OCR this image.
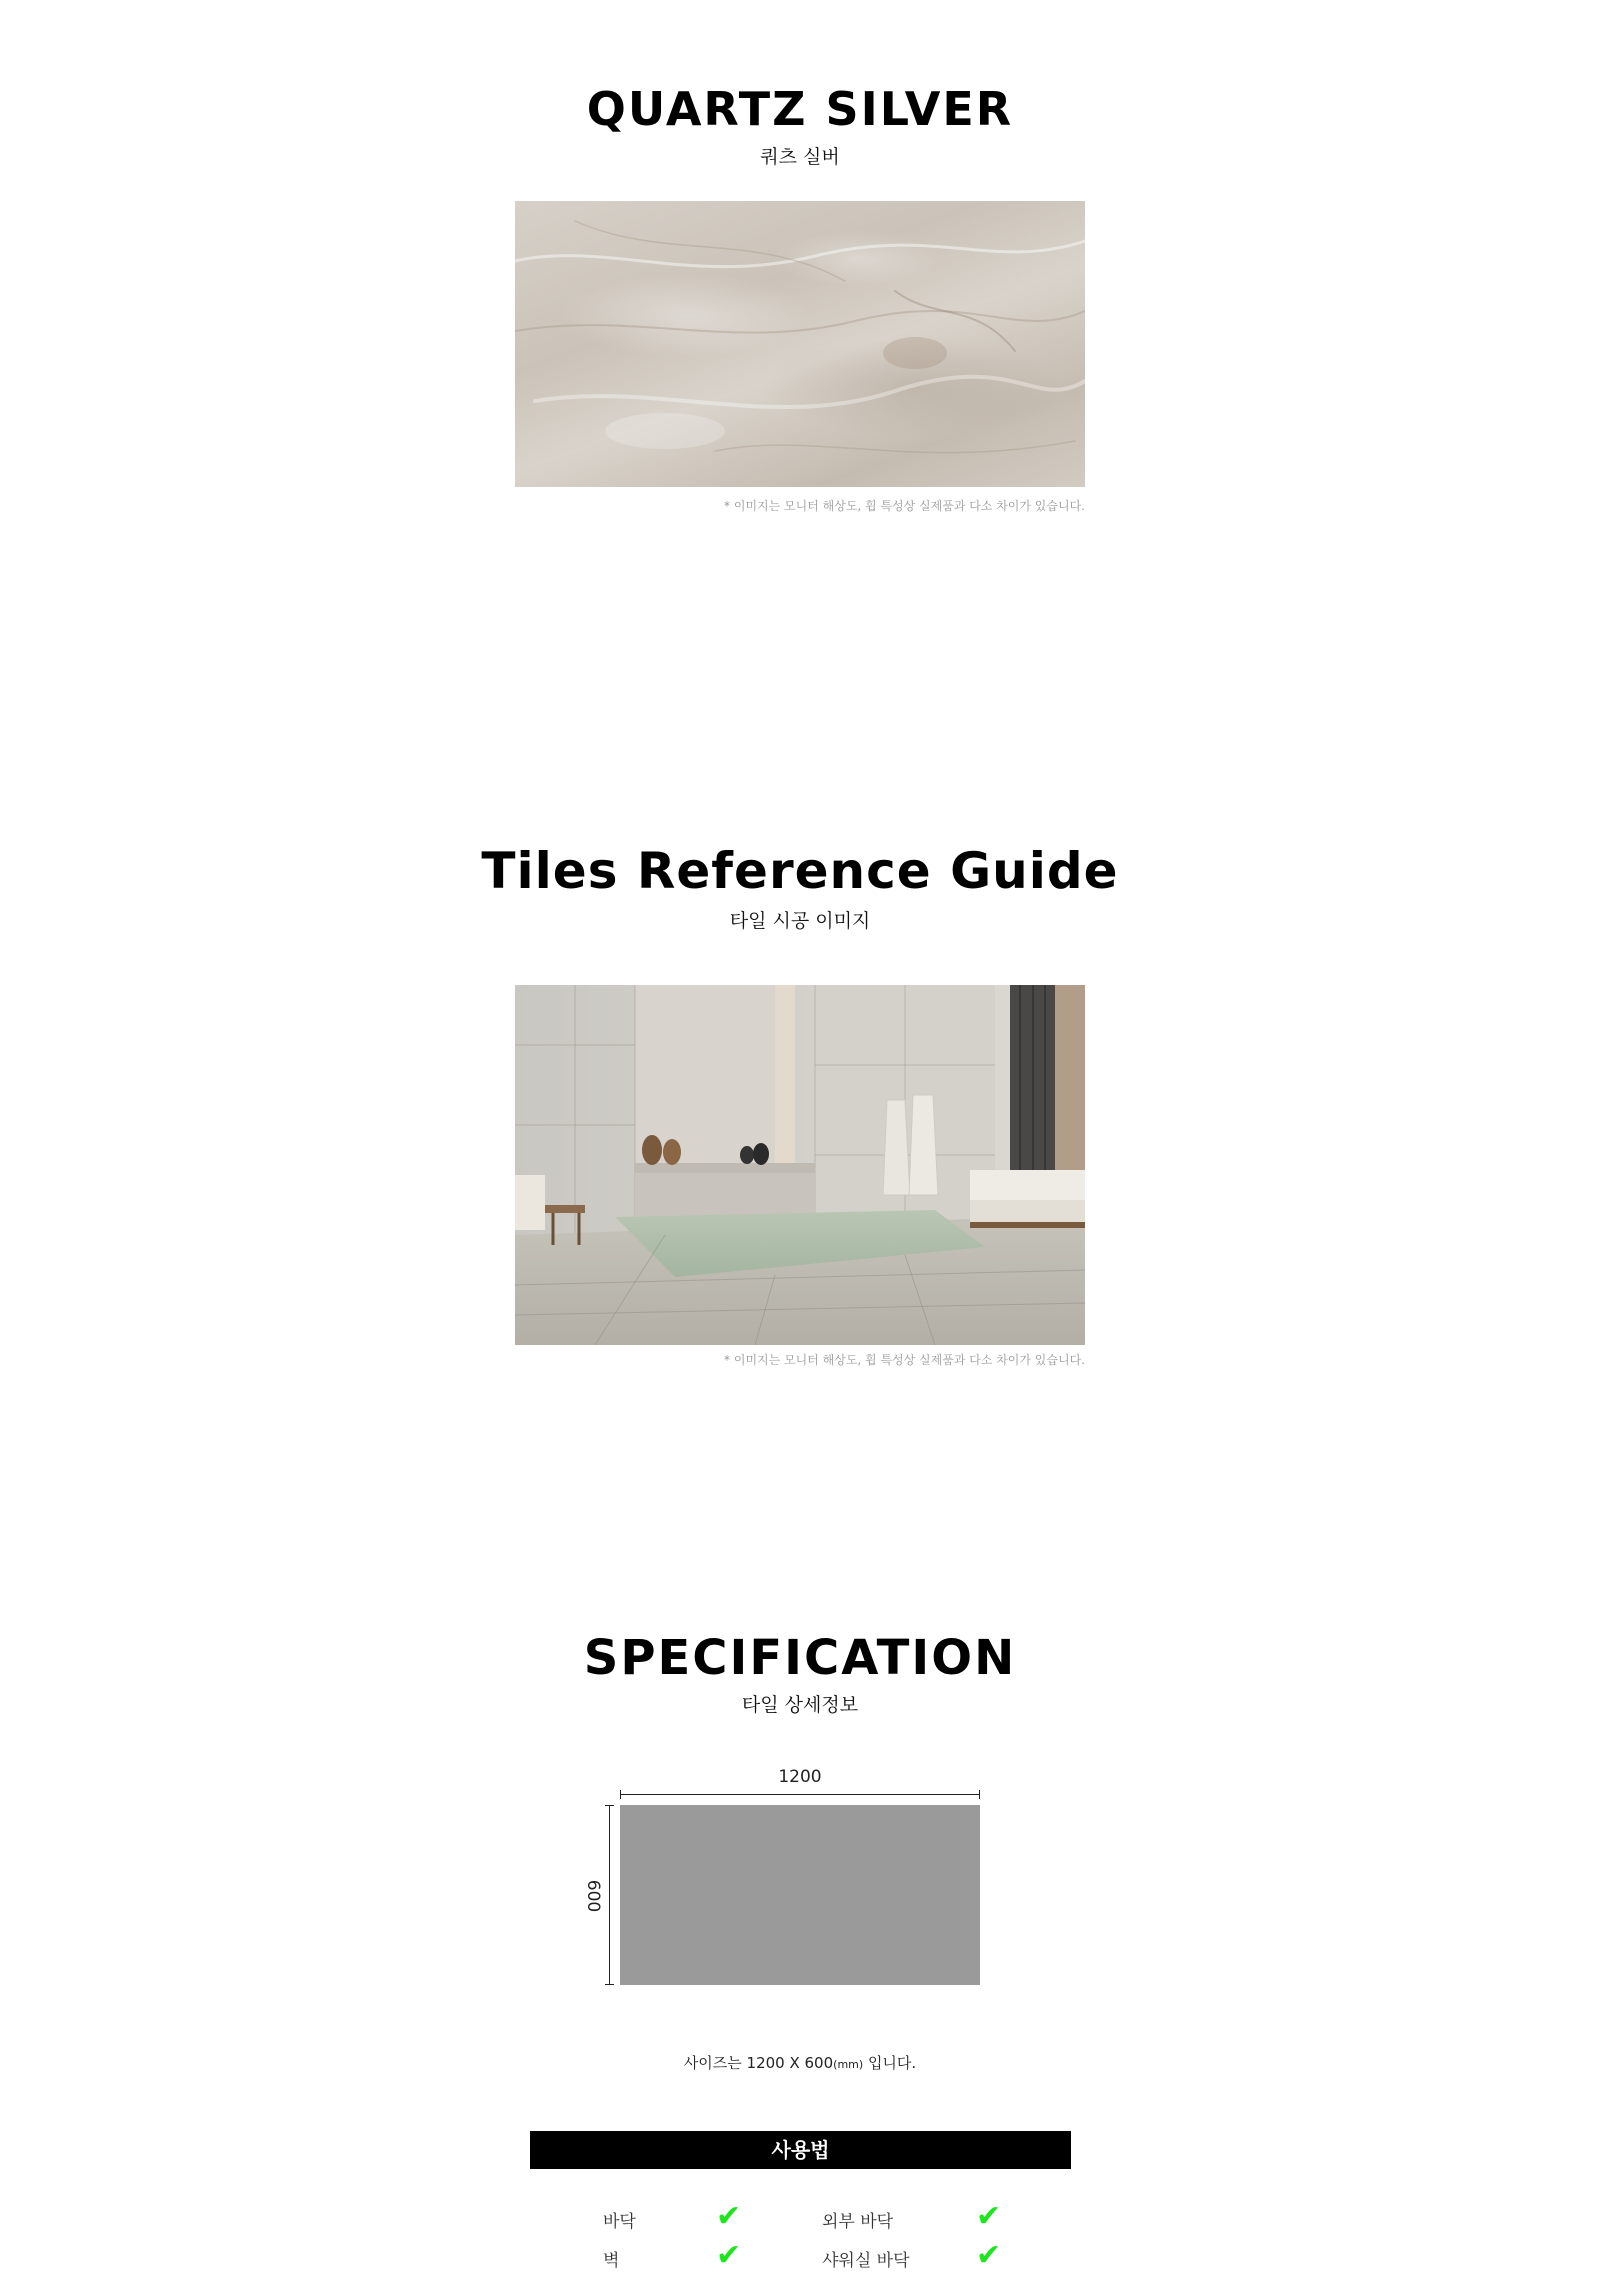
QUARTZ SILVER
쿼츠 실버
* 이미지는 모니터 해상도, 휩 특성상 실제품과 다소 차이가 있습니다.
Tiles Reference Guide
타일 시공 이미지
* 이미지는 모니터 해상도, 휩 특성상 실제품과 다소 차이가 있습니다.
SPECIFICATION
타일 상세정보
1200
600
사이즈는 1200 X 600(mm) 입니다.
사용법
바닥	✔	외부 바닥	✔
벽	✔	샤워실 바닥 ✔
